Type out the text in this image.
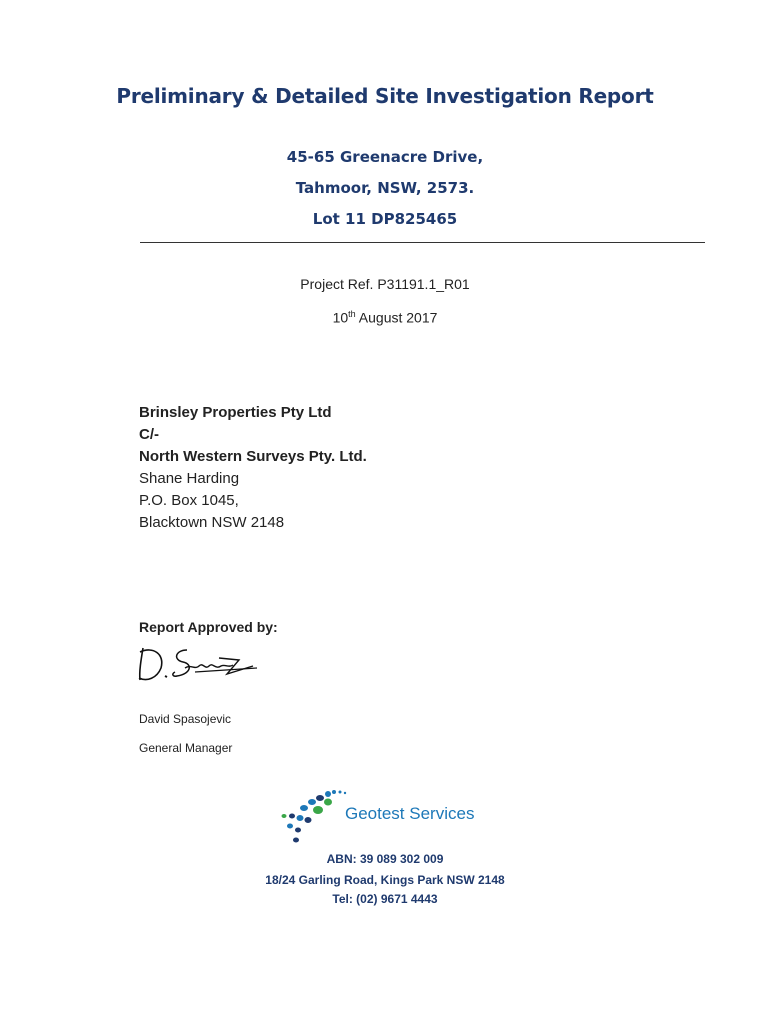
Preliminary & Detailed Site Investigation Report
45-65 Greenacre Drive,
Tahmoor, NSW, 2573.
Lot 11 DP825465
Project Ref. P31191.1_R01
10th August 2017
Brinsley Properties Pty Ltd
C/-
North Western Surveys Pty. Ltd.
Shane Harding
P.O. Box 1045,
Blacktown NSW 2148
Report Approved by:
David Spasojevic
General Manager
Geotest Services
ABN: 39 089 302 009
18/24 Garling Road, Kings Park NSW 2148
Tel: (02) 9671 4443
